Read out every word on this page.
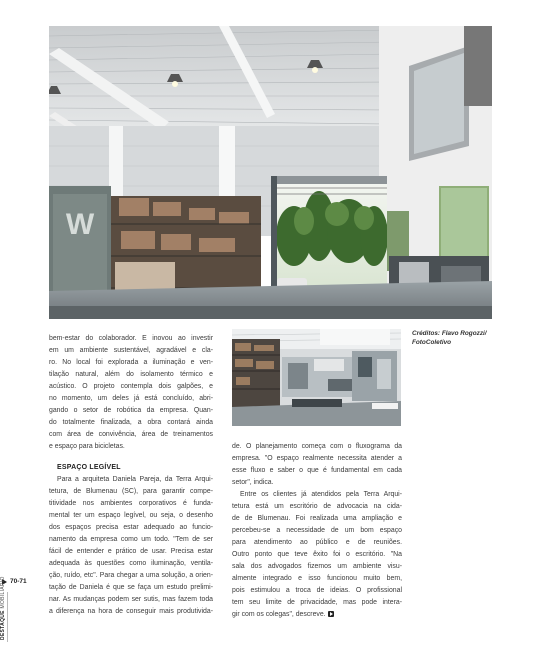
W
Créditos: Flavo Rogozzi/
FotoColetivo

bem-estar do colaborador. E inovou ao investir
em um ambiente sustentável, agradável e cla-
ro. No local foi explorada a iluminação e ven-
tilação natural, além do isolamento térmico e
acústico. O projeto contempla dois galpões, e
no momento, um deles já está concluído, abri-
gando o setor de robótica da empresa. Quan-
do totalmente finalizada, a obra contará ainda
com área de convivência, área de treinamentos
e espaço para bicicletas.

ESPAÇO LEGÍVEL

Para a arquiteta Daniela Pareja, da Terra Arqui-
tetura, de Blumenau (SC), para garantir compe-
titividade nos ambientes corporativos é funda-
mental ter um espaço legível, ou seja, o desenho
dos espaços precisa estar adequado ao funcio-
namento da empresa como um todo. "Tem de ser
fácil de entender e prático de usar. Precisa estar
adequada às questões como iluminação, ventila-
ção, ruído, etc". Para chegar a uma solução, a orien-
tação de Daniela é que se faça um estudo prelimi-
nar. As mudanças podem ser sutis, mas fazem toda
a diferença na hora de conseguir mais produtivida-

de. O planejamento começa com o fluxograma da
empresa. "O espaço realmente necessita atender a
esse fluxo e saber o que é fundamental em cada
setor", indica.

Entre os clientes já atendidos pela Terra Arqui-
tetura está um escritório de advocacia na cida-
de de Blumenau. Foi realizada uma ampliação e
percebeu-se a necessidade de um bom espaço
para atendimento ao público e de reuniões.
Outro ponto que teve êxito foi o escritório. "Na
sala dos advogados fizemos um ambiente visu-
almente integrado e isso funcionou muito bem,
pois estimulou a troca de ideias. O profissional
tem seu limite de privacidade, mas pode intera-
gir com os colegas", descreve.

70-71
DESTAQUE MOBILIÁRIO
